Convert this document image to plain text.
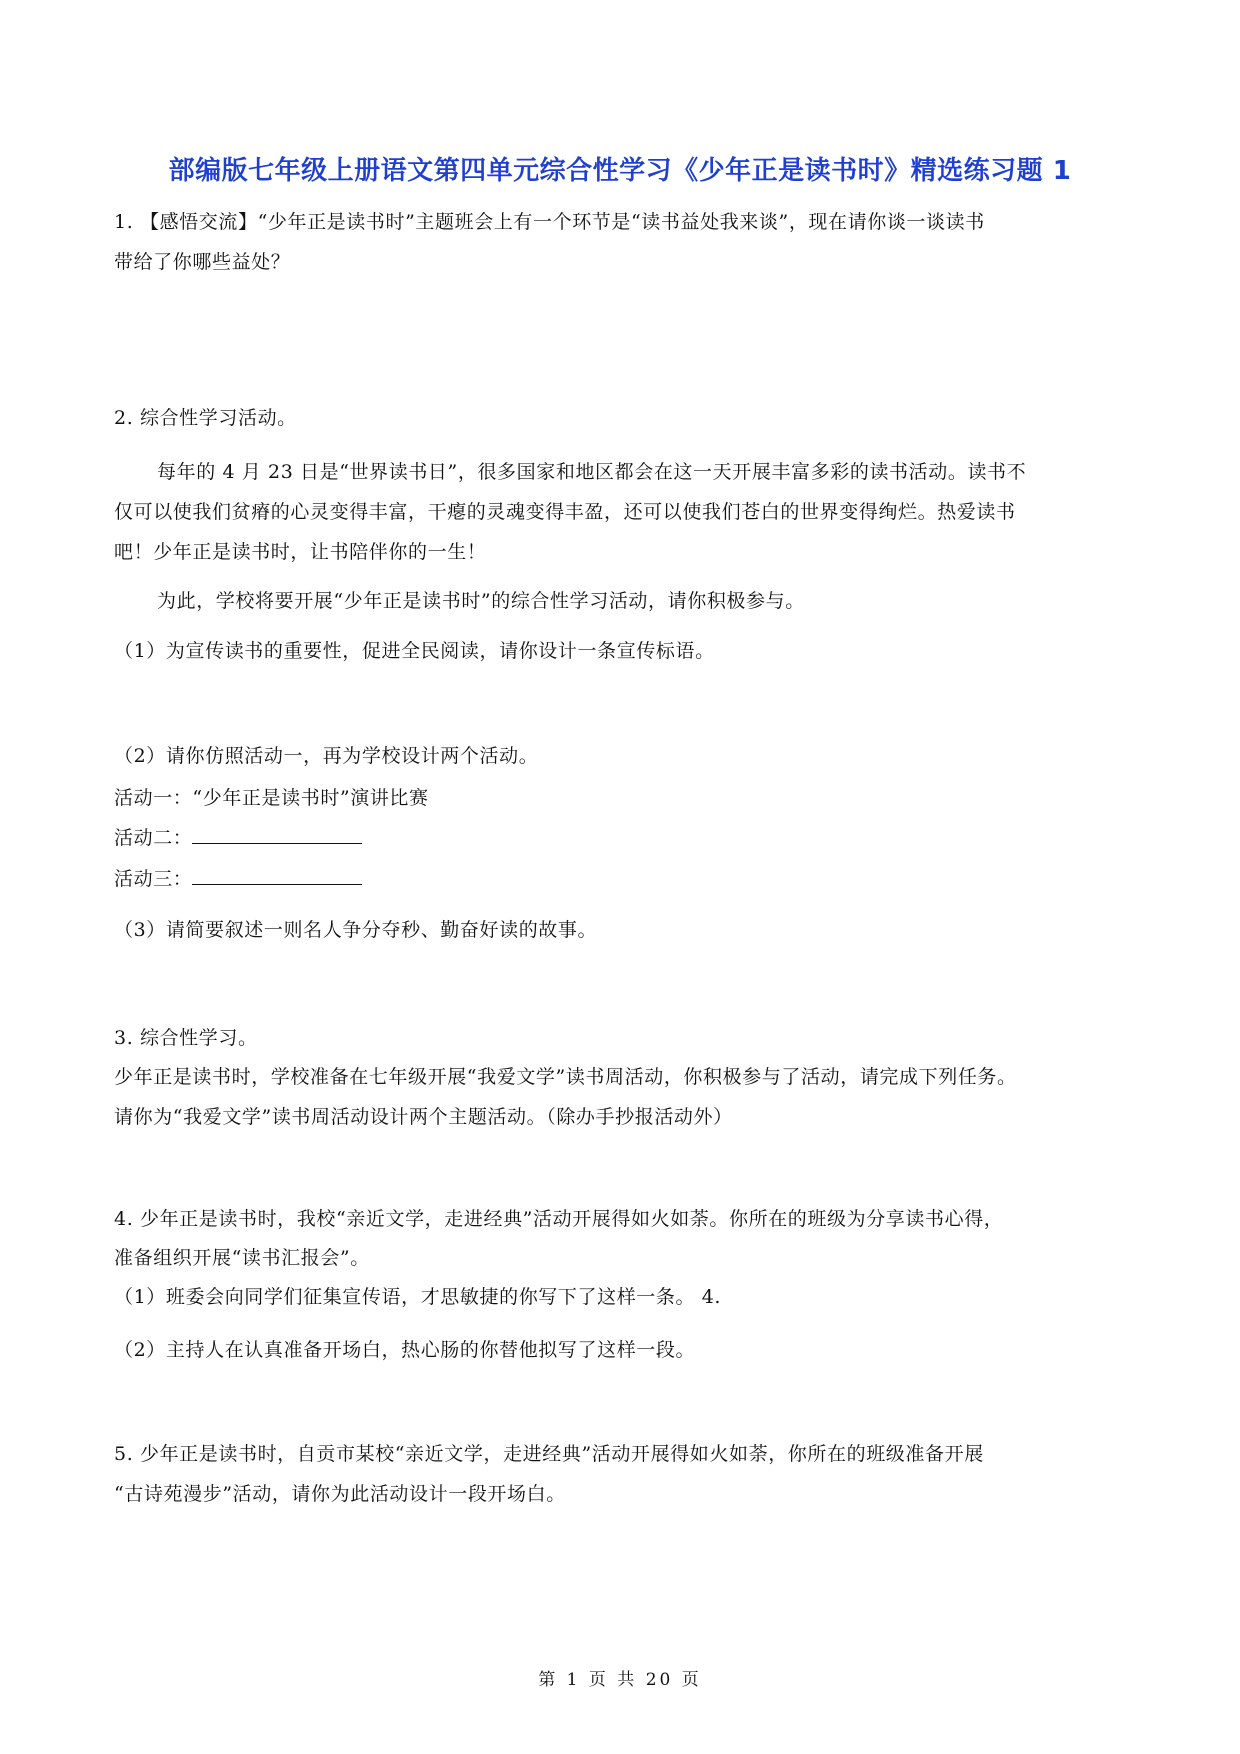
部编版七年级上册语文第四单元综合性学习《少年正是读书时》精选练习题 1
1. 【感悟交流】“少年正是读书时”主题班会上有一个环节是“读书益处我来谈”，现在请你谈一谈读书
带给了你哪些益处？
2. 综合性学习活动。
每年的 4 月 23 日是“世界读书日”，很多国家和地区都会在这一天开展丰富多彩的读书活动。读书不
仅可以使我们贫瘠的心灵变得丰富，干瘪的灵魂变得丰盈，还可以使我们苍白的世界变得绚烂。热爱读书
吧！少年正是读书时，让书陪伴你的一生！
为此，学校将要开展“少年正是读书时”的综合性学习活动，请你积极参与。
（1）为宣传读书的重要性，促进全民阅读，请你设计一条宣传标语。
（2）请你仿照活动一，再为学校设计两个活动。
活动一：“少年正是读书时”演讲比赛
活动二：
活动三：
（3）请简要叙述一则名人争分夺秒、勤奋好读的故事。
3. 综合性学习。
少年正是读书时，学校准备在七年级开展“我爱文学”读书周活动，你积极参与了活动，请完成下列任务。
请你为“我爱文学”读书周活动设计两个主题活动。（除办手抄报活动外）
4. 少年正是读书时，我校“亲近文学，走进经典”活动开展得如火如荼。你所在的班级为分享读书心得，
准备组织开展“读书汇报会”。
（1）班委会向同学们征集宣传语，才思敏捷的你写下了这样一条。 4.
（2）主持人在认真准备开场白，热心肠的你替他拟写了这样一段。
5. 少年正是读书时，自贡市某校“亲近文学，走进经典”活动开展得如火如荼，你所在的班级准备开展
“古诗苑漫步”活动，请你为此活动设计一段开场白。
第 1 页 共 20 页
